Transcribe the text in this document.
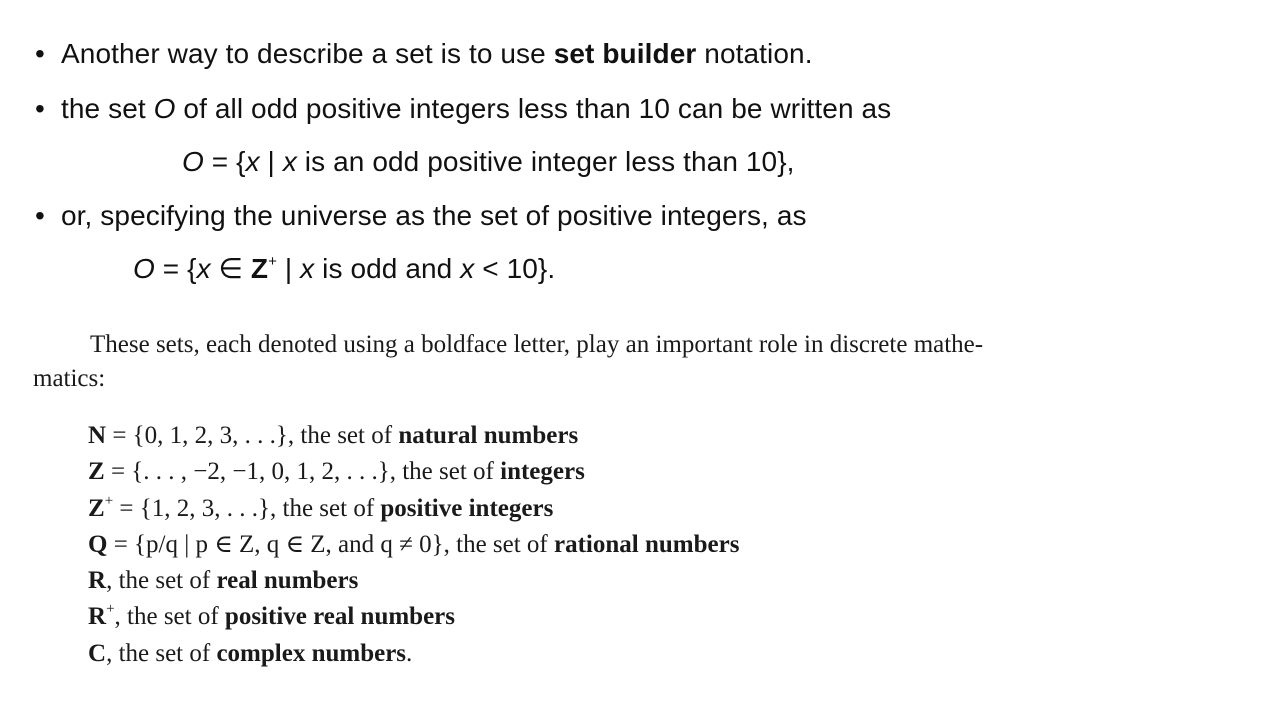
• Another way to describe a set is to use set builder notation.
• the set O of all odd positive integers less than 10 can be written as
O = {x | x is an odd positive integer less than 10},
• or, specifying the universe as the set of positive integers, as
O = {x ∈ Z+ | x is odd and x < 10}.
These sets, each denoted using a boldface letter, play an important role in discrete mathe-
matics:
N = {0, 1, 2, 3, . . .}, the set of natural numbers
Z = {. . . , −2, −1, 0, 1, 2, . . .}, the set of integers
Z+ = {1, 2, 3, . . .}, the set of positive integers
Q = {p/q | p ∈ Z, q ∈ Z, and q ≠ 0}, the set of rational numbers
R, the set of real numbers
R+, the set of positive real numbers
C, the set of complex numbers.
